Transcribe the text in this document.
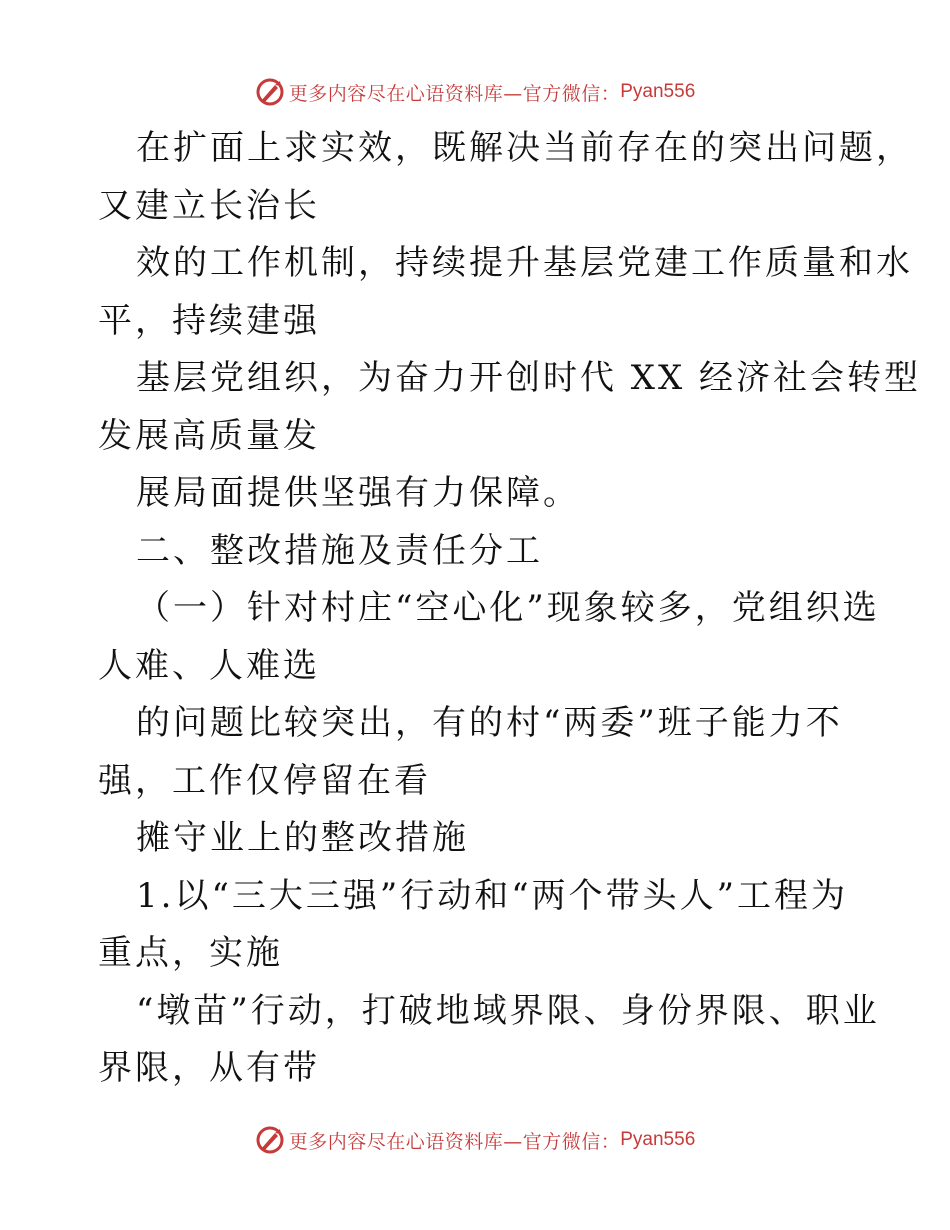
更多内容尽在心语资料库—官方微信： Pyan556

在扩面上求实效，既解决当前存在的突出问题，

又建立长治长

效的工作机制，持续提升基层党建工作质量和水

平，持续建强

基层党组织，为奋力开创时代 XX 经济社会转型

发展高质量发

展局面提供坚强有力保障。

二、整改措施及责任分工

（一）针对村庄“空心化”现象较多，党组织选

人难、人难选

的问题比较突出，有的村“两委”班子能力不

强，工作仅停留在看

摊守业上的整改措施

1.以“三大三强”行动和“两个带头人”工程为

重点，实施

“墩苗”行动，打破地域界限、身份界限、职业

界限，从有带

更多内容尽在心语资料库—官方微信： Pyan556
